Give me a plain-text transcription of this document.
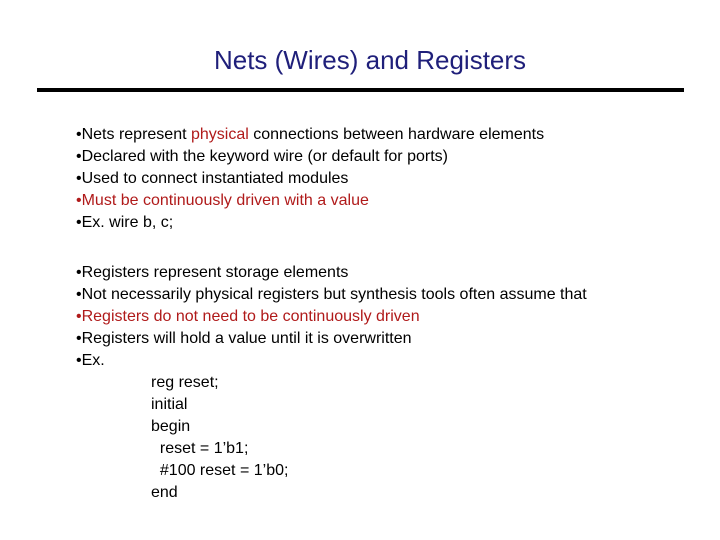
Nets (Wires) and Registers
•Nets represent physical connections between hardware elements
•Declared with the keyword wire (or default for ports)
•Used to connect instantiated modules
•Must be continuously driven with a value
•Ex. wire b, c;
•Registers represent storage elements
•Not necessarily physical registers but synthesis tools often assume that
•Registers do not need to be continuously driven
•Registers will hold a value until it is overwritten
•Ex.
reg reset;
initial
begin
reset = 1’b1;
#100 reset = 1’b0;
end
